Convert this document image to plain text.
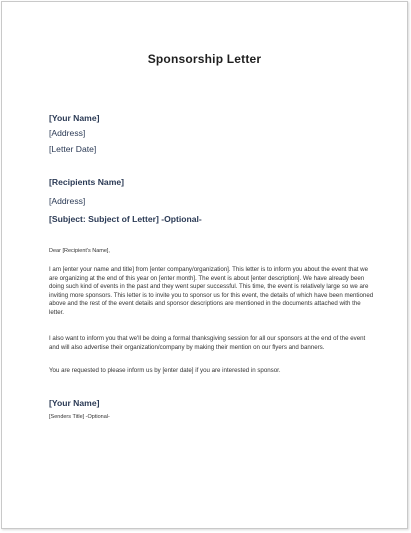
Sponsorship Letter
[Your Name]
[Address]
[Letter Date]
[Recipients Name]
[Address]
[Subject: Subject of Letter] -Optional-
Dear [Recipient's Name],

I am [enter your name and title] from [enter company/organization]. This letter is to inform you about the event that we are organizing at the end of this year on [enter month]. The event is about [enter description]. We have already been doing such kind of events in the past and they went super successful. This time, the event is relatively large so we are inviting more sponsors. This letter is to invite you to sponsor us for this event, the details of which have been mentioned above and the rest of the event details and sponsor descriptions are mentioned in the documents attached with the letter.

I also want to inform you that we'll be doing a formal thanksgiving session for all our sponsors at the end of the event and will also advertise their organization/company by making their mention on our flyers and banners.

You are requested to please inform us by [enter date] if you are interested in sponsor.

[Your Name]
[Senders Title] -Optional-
